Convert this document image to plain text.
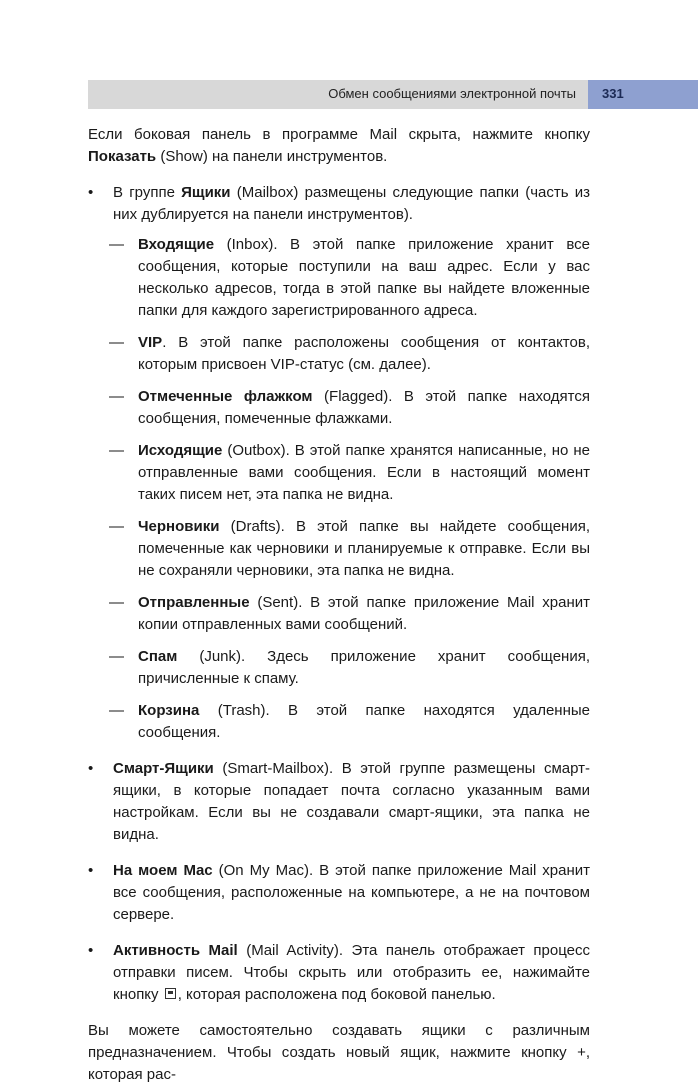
Обмен сообщениями электронной почты 331

Если боковая панель в программе Mail скрыта, нажмите кнопку Показать (Show) на панели инструментов.

• В группе Ящики (Mailbox) размещены следующие папки (часть из них дублируется на панели инструментов).

— Входящие (Inbox). В этой папке приложение хранит все сообщения, которые поступили на ваш адрес. Если у вас несколько адресов, тогда в этой папке вы найдете вложенные папки для каждого зарегистрированного адреса.

— VIP. В этой папке расположены сообщения от контактов, которым присвоен VIP-статус (см. далее).

— Отмеченные флажком (Flagged). В этой папке находятся сообщения, помеченные флажками.

— Исходящие (Outbox). В этой папке хранятся написанные, но не отправленные вами сообщения. Если в настоящий момент таких писем нет, эта папка не видна.

— Черновики (Drafts). В этой папке вы найдете сообщения, помеченные как черновики и планируемые к отправке. Если вы не сохраняли черновики, эта папка не видна.

— Отправленные (Sent). В этой папке приложение Mail хранит копии отправленных вами сообщений.

— Спам (Junk). Здесь приложение хранит сообщения, причисленные к спаму.

— Корзина (Trash). В этой папке находятся удаленные сообщения.

• Смарт-Ящики (Smart-Mailbox). В этой группе размещены смарт-ящики, в которые попадает почта согласно указанным вами настройкам. Если вы не создавали смарт-ящики, эта папка не видна.

• На моем Mac (On My Mac). В этой папке приложение Mail хранит все сообщения, расположенные на компьютере, а не на почтовом сервере.

• Активность Mail (Mail Activity). Эта панель отображает процесс отправки писем. Чтобы скрыть или отобразить ее, нажимайте кнопку , которая расположена под боковой панелью.

Вы можете самостоятельно создавать ящики с различным предназначением. Чтобы создать новый ящик, нажмите кнопку +, которая рас-
